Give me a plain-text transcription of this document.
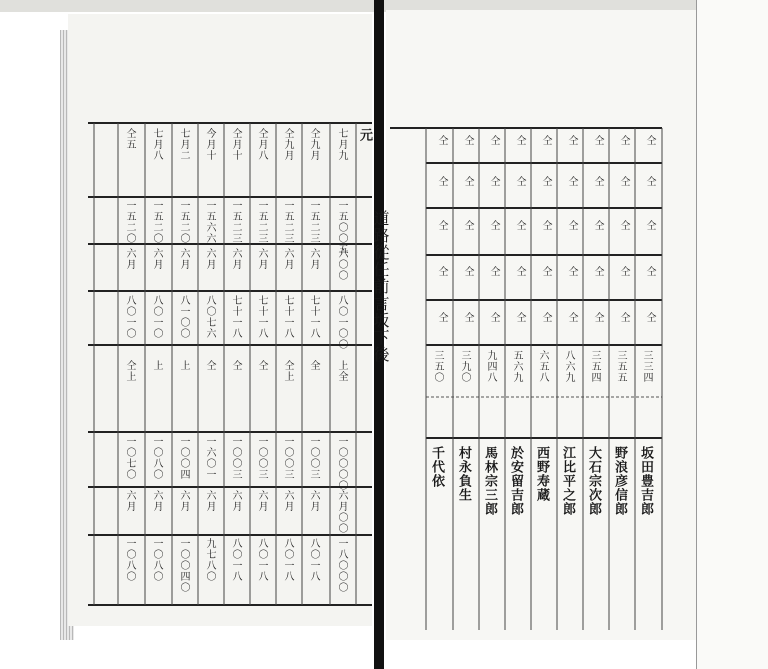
元
道路從任前言坂下後
七月九
一五〇〇五
六〇〇
八〇一〇〇
上全
一〇〇〇〇
六月〇〇
一八〇〇〇
仝九月
一五二三
六月
七十一八
全
一〇〇三
六月
八〇一八
仝九月
一五二三
六月
七十一八
仝上
一〇〇三
六月
八〇一八
仝月八
一五二三
六月
七十一八
仝
一〇〇三
六月
八〇一八
仝月十
一五二三
六月
七十一八
仝
一〇〇三
六月
八〇一八
今月十
一五六六
六月
八〇七六
仝
一六〇一
六月
九七八〇
七月二
一五二〇
六月
八一〇〇
上
一〇〇四
六月
一〇〇四〇
七月八
一五二〇
六月
八〇一〇
上
一〇八〇
六月
一〇八〇
仝五
一五二〇
六月
八〇一〇
仝上
一〇七〇
六月
一〇八〇
仝
仝
仝
仝
仝
仝
仝
仝
仝
仝
仝
仝
仝
仝
仝
仝
仝
仝
仝
仝
仝
仝
仝
仝
仝
仝
仝
仝
仝
仝
仝
仝
仝
仝
仝
仝
仝
仝
仝
仝
仝
仝
仝
仝
仝
三三四
坂田豊吉郎
三五五
野浪彦信郎
三五四
大石宗次郎
八六九
江比平之郎
六五八
西野寿蔵
五六九
於安留吉郎
九四八
馬林宗三郎
三九〇
村永負生
三五〇
千代依
